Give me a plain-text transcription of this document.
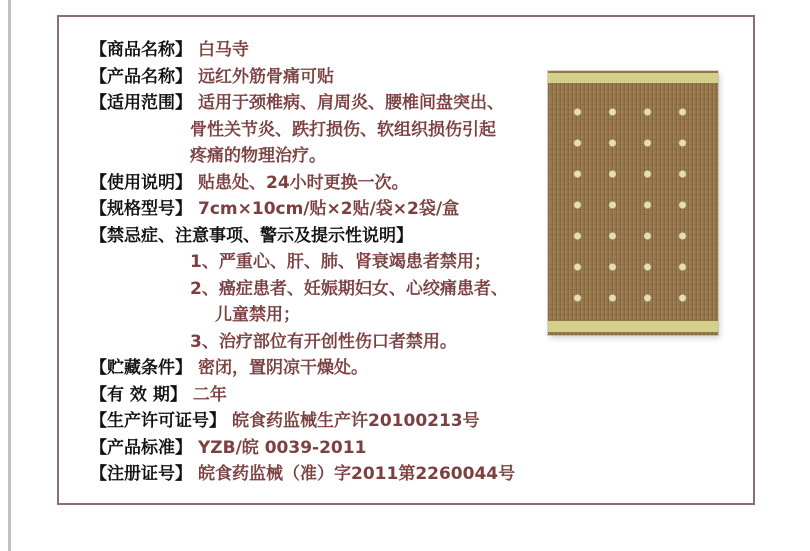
【商品名称】 白马寺
【产品名称】 远红外筋骨痛可贴
【适用范围】 适用于颈椎病、肩周炎、腰椎间盘突出、
骨性关节炎、跌打损伤、软组织损伤引起
疼痛的物理治疗。
【使用说明】 贴患处、24小时更换一次。
【规格型号】 7cm×10cm/贴×2贴/袋×2袋/盒
【禁忌症、注意事项、警示及提示性说明】
1、 严重心、肝、肺、肾衰竭患者禁用；
2、 癌症患者、妊娠期妇女、心绞痛患者、
儿童禁用；
3、 治疗部位有开创性伤口者禁用。
【贮藏条件】 密闭，置阴凉干燥处。
【有 效 期】 二年
【生产许可证号】 皖食药监械生产许20100213号
【产品标准】 YZB/皖 0039-2011
【注册证号】 皖食药监械（准）字2011第2260044号
